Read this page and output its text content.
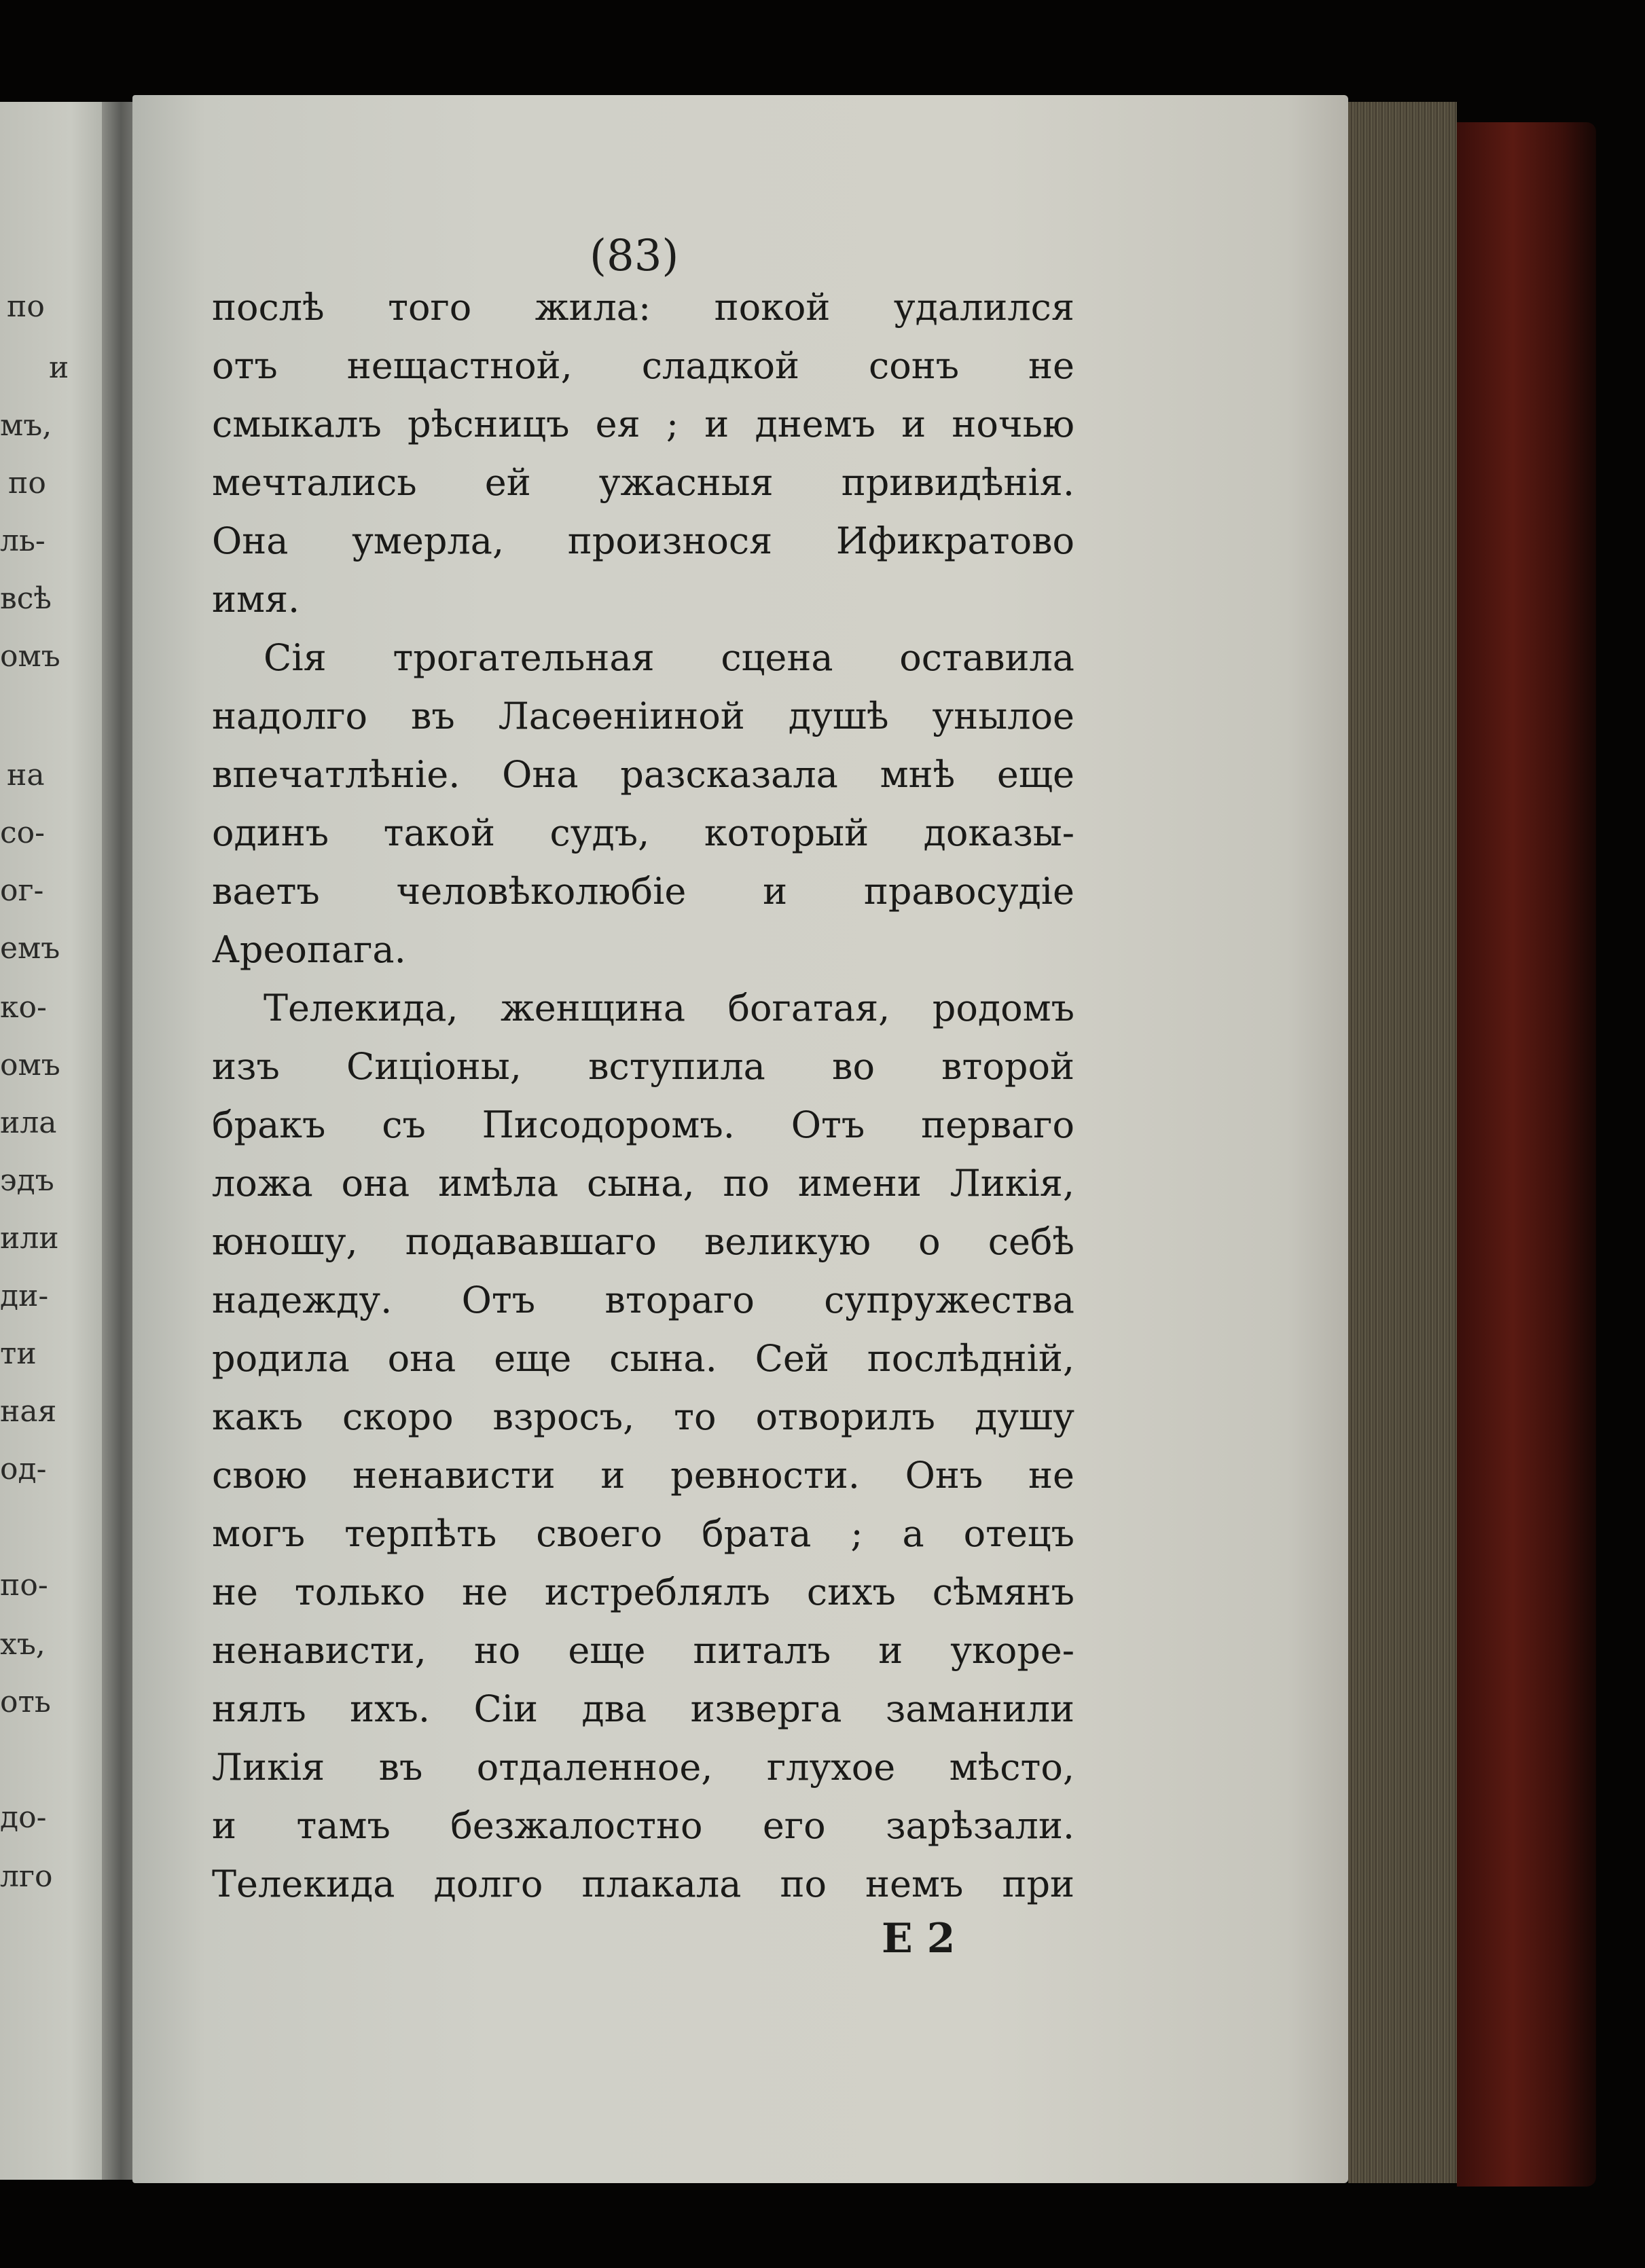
по
и
мъ,
по
ль-
всѣ
омъ
на
со-
ог-
емъ
ко-
омъ
ила
эдъ
или
ди-
ти
ная
од-
по-
хъ,
оть
до-
лго
(83)
послѣ того жила: покой удалился
отъ нещастной, сладкой сонъ не
смыкалъ рѣсницъ ея ; и днемъ и ночью
мечтались ей ужасныя привидѣнія.
Она умерла, произнося Ификратово
имя.
Сія трогательная сцена оставила
надолго въ Ласѳеніиной душѣ унылое
впечатлѣніе. Она разсказала мнѣ еще
одинъ такой судъ, который доказы-
ваетъ человѣколюбіе и правосудіе
Ареопага.
Телекида, женщина богатая, родомъ
изъ Сиціоны, вступила во второй
бракъ съ Писодоромъ. Отъ перваго
ложа она имѣла сына, по имени Ликія,
юношу, подававшаго великую о себѣ
надежду. Отъ втораго супружества
родила она еще сына. Сей послѣдній,
какъ скоро взросъ, то отворилъ душу
свою ненависти и ревности. Онъ не
могъ терпѣть своего брата ; а отецъ
не только не истреблялъ сихъ сѣмянъ
ненависти, но еще питалъ и укоре-
нялъ ихъ. Сіи два изверга заманили
Ликія въ отдаленное, глухое мѣсто,
и тамъ безжалостно его зарѣзали.
Телекида долго плакала по немъ при
Е 2
